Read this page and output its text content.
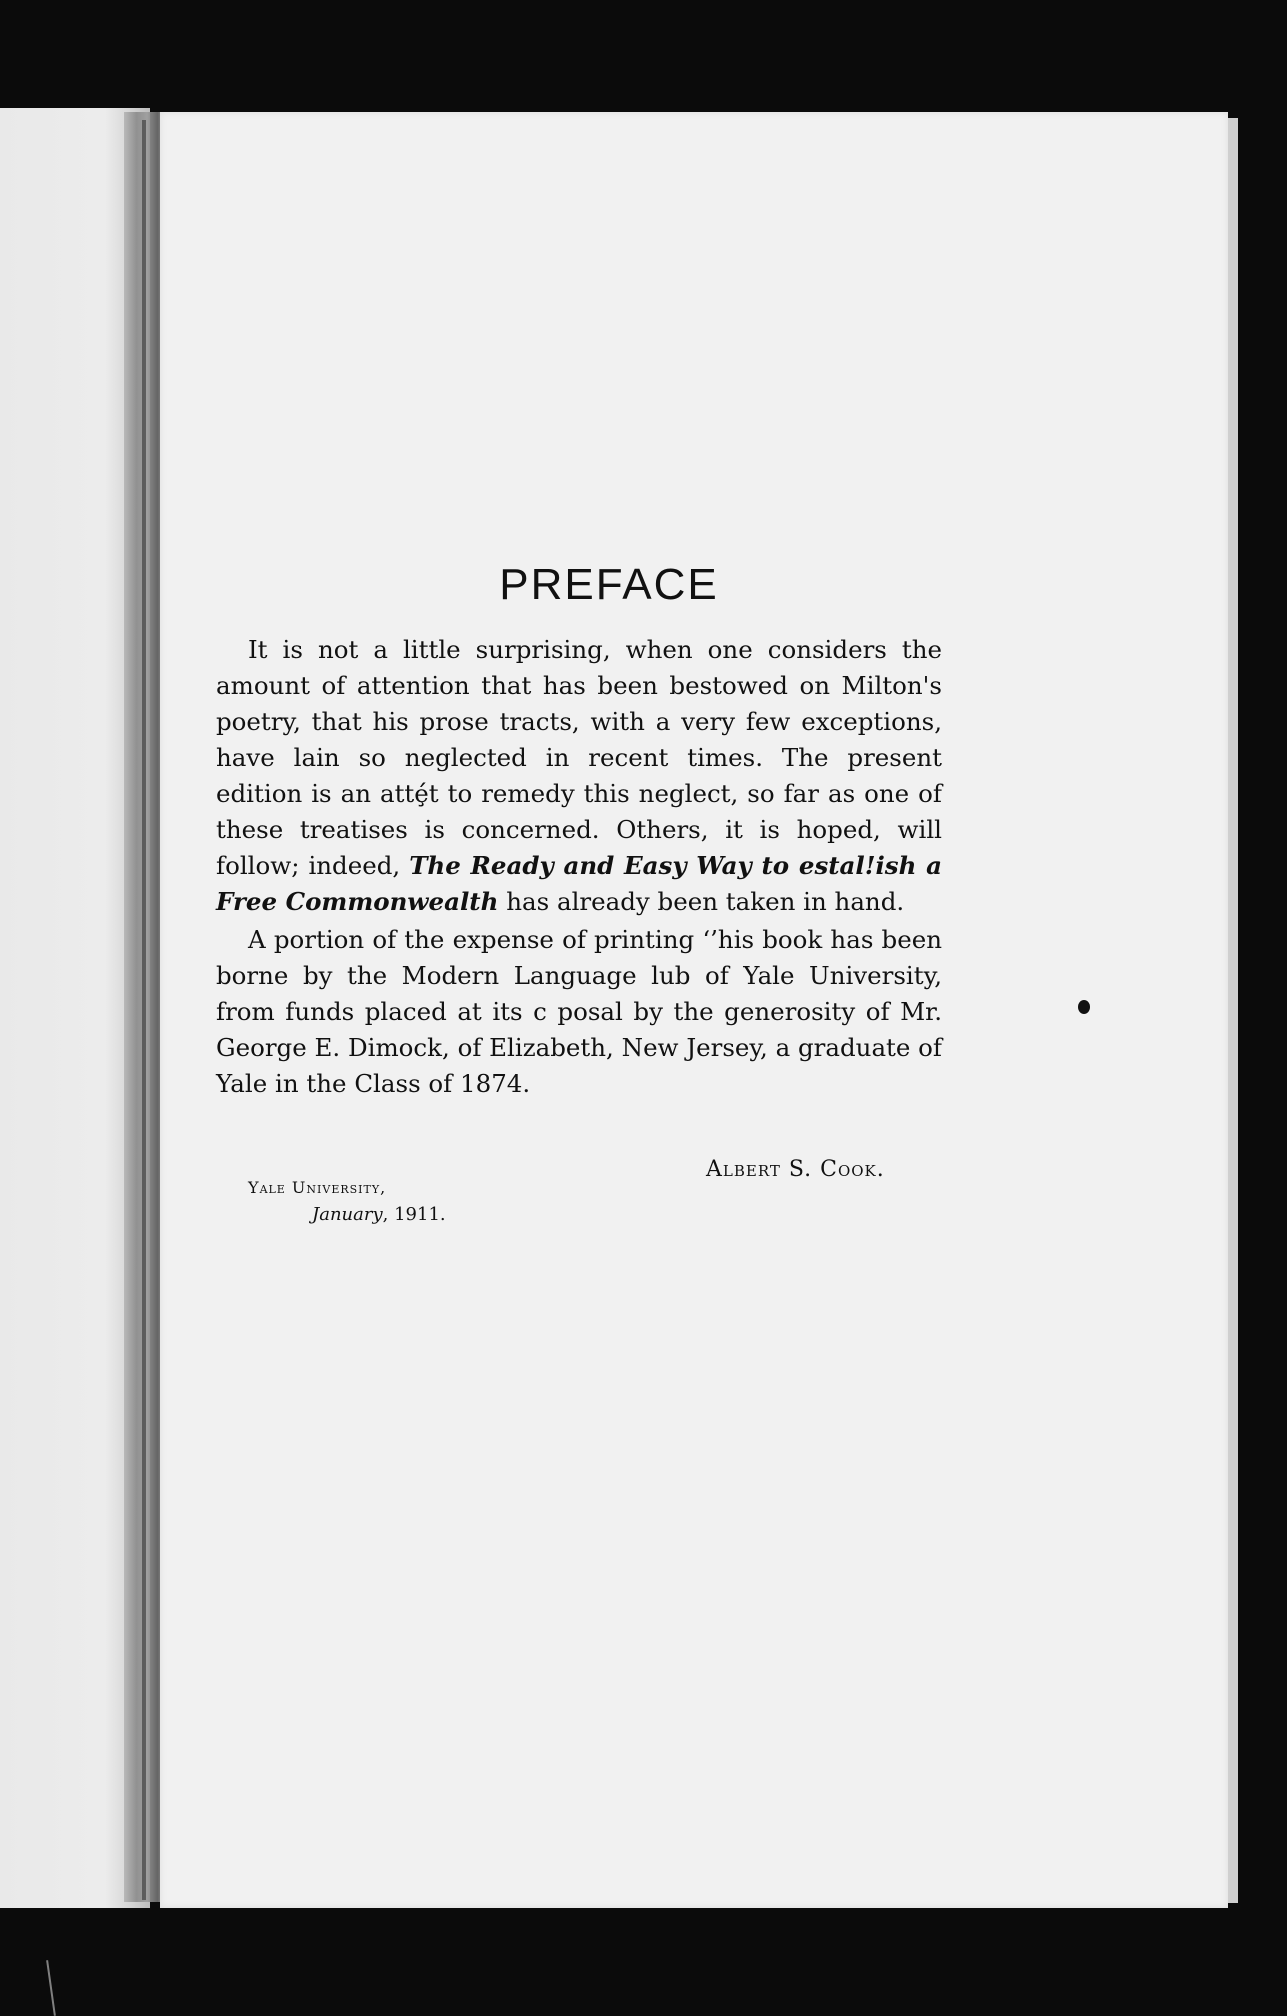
PREFACE

It is not a little surprising, when one considers the amount of attention that has been bestowed on Milton's poetry, that his prose tracts, with a very few exceptions, have lain so neglected in recent times. The present edition is an attȩ́́t to remedy this neglect, so far as one of these treatises is concerned. Others, it is hoped, will follow; indeed, The Ready and Easy Way to estal!ish a Free Commonwealth has already been taken in hand.

A portion of the expense of printing ‘’his book has been borne by the Modern Language lub of Yale University, from funds placed at its c posal by the generosity of Mr. George E. Dimock, of Elizabeth, New Jersey, a graduate of Yale in the Class of 1874.

Albert S. Cook.
Yale University,
January, 1911.
